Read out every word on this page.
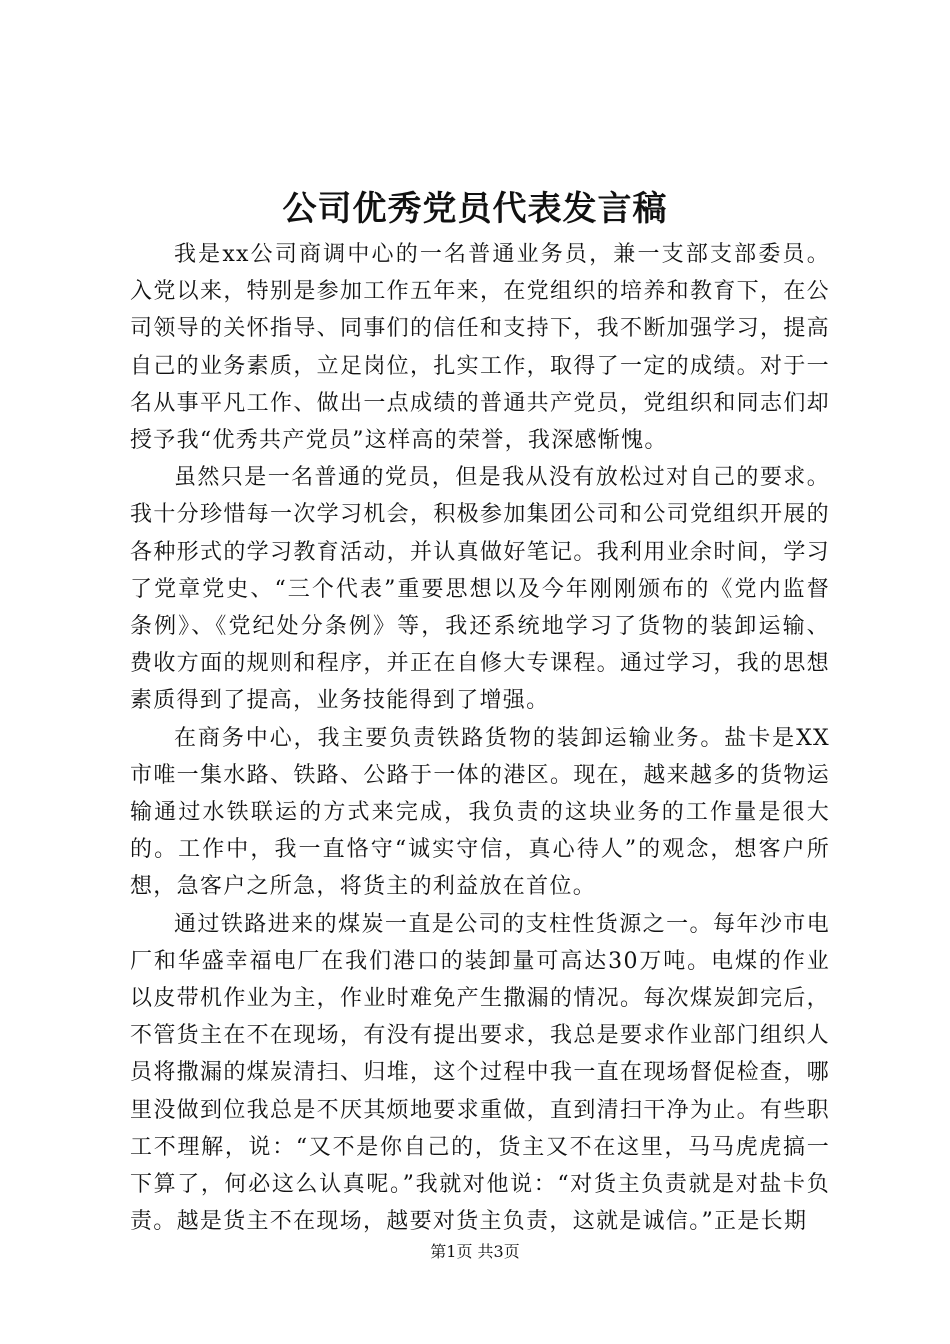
公司优秀党员代表发言稿

我是xx公司商调中心的一名普通业务员，兼一支部支部委员。入党以来，特别是参加工作五年来，在党组织的培养和教育下，在公司领导的关怀指导、同事们的信任和支持下，我不断加强学习，提高自己的业务素质，立足岗位，扎实工作，取得了一定的成绩。对于一名从事平凡工作、做出一点成绩的普通共产党员，党组织和同志们却授予我“优秀共产党员”这样高的荣誉，我深感惭愧。

虽然只是一名普通的党员，但是我从没有放松过对自己的要求。我十分珍惜每一次学习机会，积极参加集团公司和公司党组织开展的各种形式的学习教育活动，并认真做好笔记。我利用业余时间，学习了党章党史、“三个代表”重要思想以及今年刚刚颁布的《党内监督条例》、《党纪处分条例》等，我还系统地学习了货物的装卸运输、费收方面的规则和程序，并正在自修大专课程。通过学习，我的思想素质得到了提高，业务技能得到了增强。

在商务中心，我主要负责铁路货物的装卸运输业务。盐卡是XX市唯一集水路、铁路、公路于一体的港区。现在，越来越多的货物运输通过水铁联运的方式来完成，我负责的这块业务的工作量是很大的。工作中，我一直恪守“诚实守信，真心待人”的观念，想客户所想，急客户之所急，将货主的利益放在首位。

通过铁路进来的煤炭一直是公司的支柱性货源之一。每年沙市电厂和华盛幸福电厂在我们港口的装卸量可高达30万吨。电煤的作业以皮带机作业为主，作业时难免产生撒漏的情况。每次煤炭卸完后，不管货主在不在现场，有没有提出要求，我总是要求作业部门组织人员将撒漏的煤炭清扫、归堆，这个过程中我一直在现场督促检查，哪里没做到位我总是不厌其烦地要求重做，直到清扫干净为止。有些职工不理解，说：“又不是你自己的，货主又不在这里，马马虎虎搞一下算了，何必这么认真呢。”我就对他说：“对货主负责就是对盐卡负责。越是货主不在现场，越要对货主负责，这就是诚信。”正是长期

第1页 共3页
